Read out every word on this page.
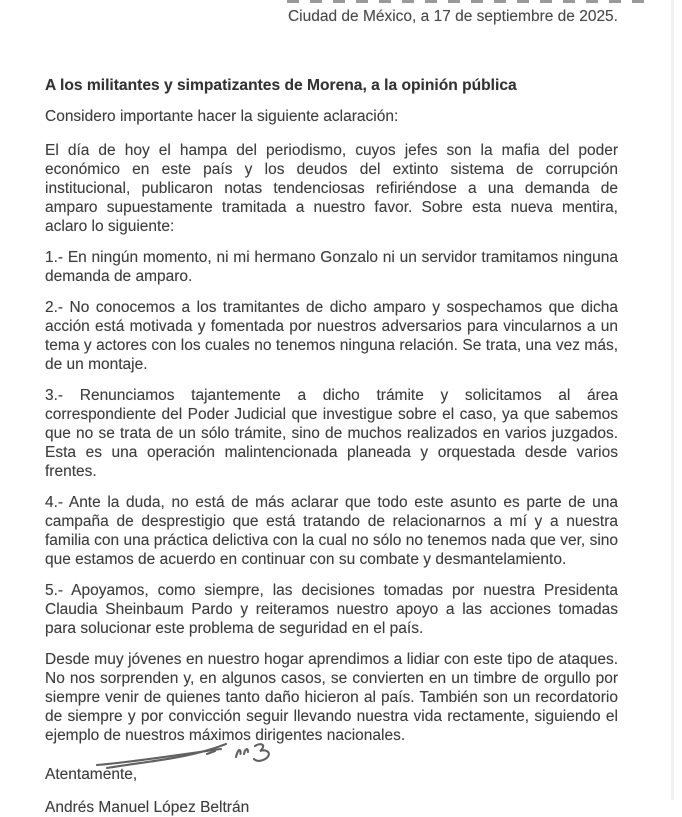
Ciudad de México, a 17 de septiembre de 2025.
A los militantes y simpatizantes de Morena, a la opinión pública

Considero importante hacer la siguiente aclaración:

El día de hoy el hampa del periodismo, cuyos jefes son la mafia del poder económico en este país y los deudos del extinto sistema de corrupción institucional, publicaron notas tendenciosas refiriéndose a una demanda de amparo supuestamente tramitada a nuestro favor. Sobre esta nueva mentira, aclaro lo siguiente:

1.- En ningún momento, ni mi hermano Gonzalo ni un servidor tramitamos ninguna demanda de amparo.

2.- No conocemos a los tramitantes de dicho amparo y sospechamos que dicha acción está motivada y fomentada por nuestros adversarios para vincularnos a un tema y actores con los cuales no tenemos ninguna relación. Se trata, una vez más, de un montaje.

3.- Renunciamos tajantemente a dicho trámite y solicitamos al área correspondiente del Poder Judicial que investigue sobre el caso, ya que sabemos que no se trata de un sólo trámite, sino de muchos realizados en varios juzgados. Esta es una operación malintencionada planeada y orquestada desde varios frentes.

4.- Ante la duda, no está de más aclarar que todo este asunto es parte de una campaña de desprestigio que está tratando de relacionarnos a mí y a nuestra familia con una práctica delictiva con la cual no sólo no tenemos nada que ver, sino que estamos de acuerdo en continuar con su combate y desmantelamiento.

5.- Apoyamos, como siempre, las decisiones tomadas por nuestra Presidenta Claudia Sheinbaum Pardo y reiteramos nuestro apoyo a las acciones tomadas para solucionar este problema de seguridad en el país.

Desde muy jóvenes en nuestro hogar aprendimos a lidiar con este tipo de ataques. No nos sorprenden y, en algunos casos, se convierten en un timbre de orgullo por siempre venir de quienes tanto daño hicieron al país. También son un recordatorio de siempre y por convicción seguir llevando nuestra vida rectamente, siguiendo el ejemplo de nuestros máximos dirigentes nacionales.

Atentamente,
Andrés Manuel López Beltrán
